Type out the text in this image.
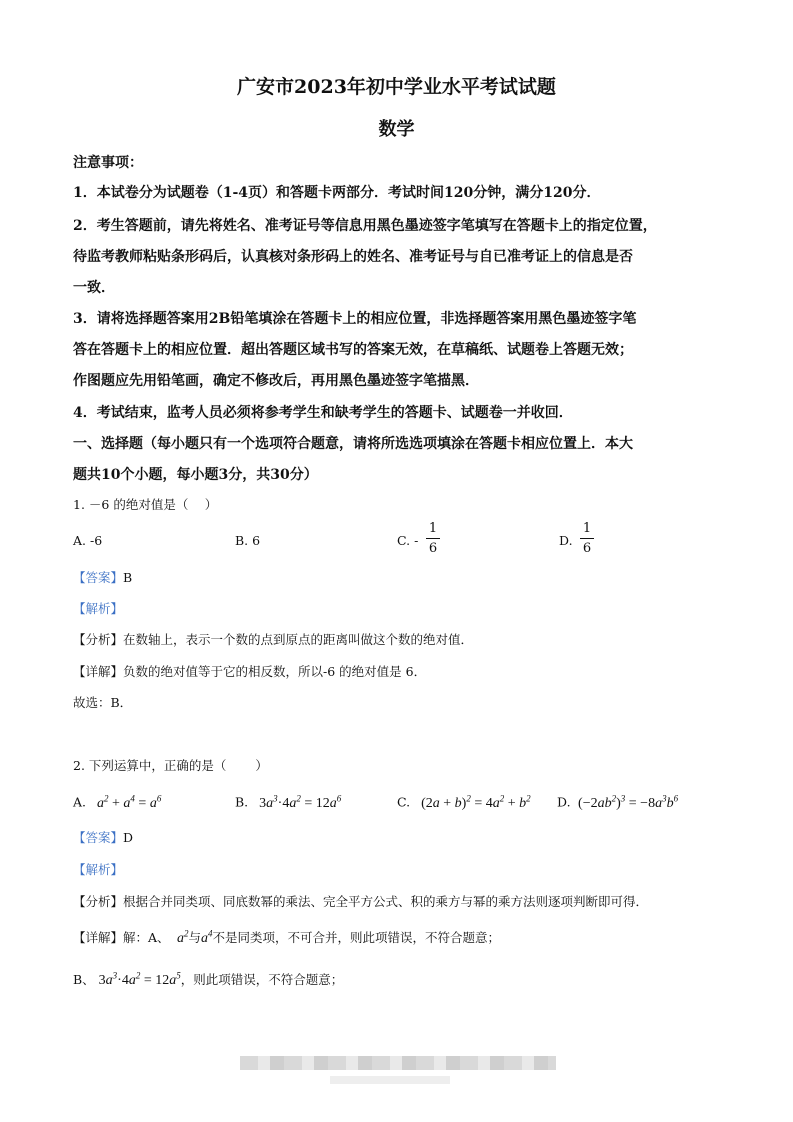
广安市2023年初中学业水平考试试题
数学
注意事项：
1．本试卷分为试题卷（1-4页）和答题卡两部分．考试时间120分钟，满分120分．
2．考生答题前，请先将姓名、准考证号等信息用黑色墨迹签字笔填写在答题卡上的指定位置，
待监考教师粘贴条形码后，认真核对条形码上的姓名、准考证号与自已准考证上的信息是否
一致．
3．请将选择题答案用2B铅笔填涂在答题卡上的相应位置，非选择题答案用黑色墨迹签字笔
答在答题卡上的相应位置．超出答题区域书写的答案无效，在草稿纸、试题卷上答题无效；
作图题应先用铅笔画，确定不修改后，再用黑色墨迹签字笔描黑．
4．考试结束，监考人员必须将参考学生和缺考学生的答题卡、试题卷一并收回．
一、选择题（每小题只有一个选项符合题意，请将所选选项填涂在答题卡相应位置上．本大
题共10个小题，每小题3分，共30分）
1. －6 的绝对值是（　 ）
A. -6	B. 6	C. -
1
6
D.
1
6
【答案】B
【解析】
【分析】在数轴上，表示一个数的点到原点的距离叫做这个数的绝对值．
【详解】负数的绝对值等于它的相反数，所以-6 的绝对值是 6．
故选：B．
2. 下列运算中，正确的是（　　 ）
A.   $a^2 + a^4 = a^6$	B. $3a^3\cdot 4a^2 = 12a^6$	C. $(2a + b)^2 = 4a^2 + b^2$ D. $(-2ab^2)^3 = -8a^3b^6$
【答案】D
【解析】
【分析】根据合并同类项、同底数幂的乘法、完全平方公式、积的乘方与幂的乘方法则逐项判断即可得．
【详解】解：A、  $a^2$与$a^4$不是同类项，不可合并，则此项错误，不符合题意；
B、 $3a^3\cdot 4a^2 = 12a^5$，则此项错误，不符合题意；
